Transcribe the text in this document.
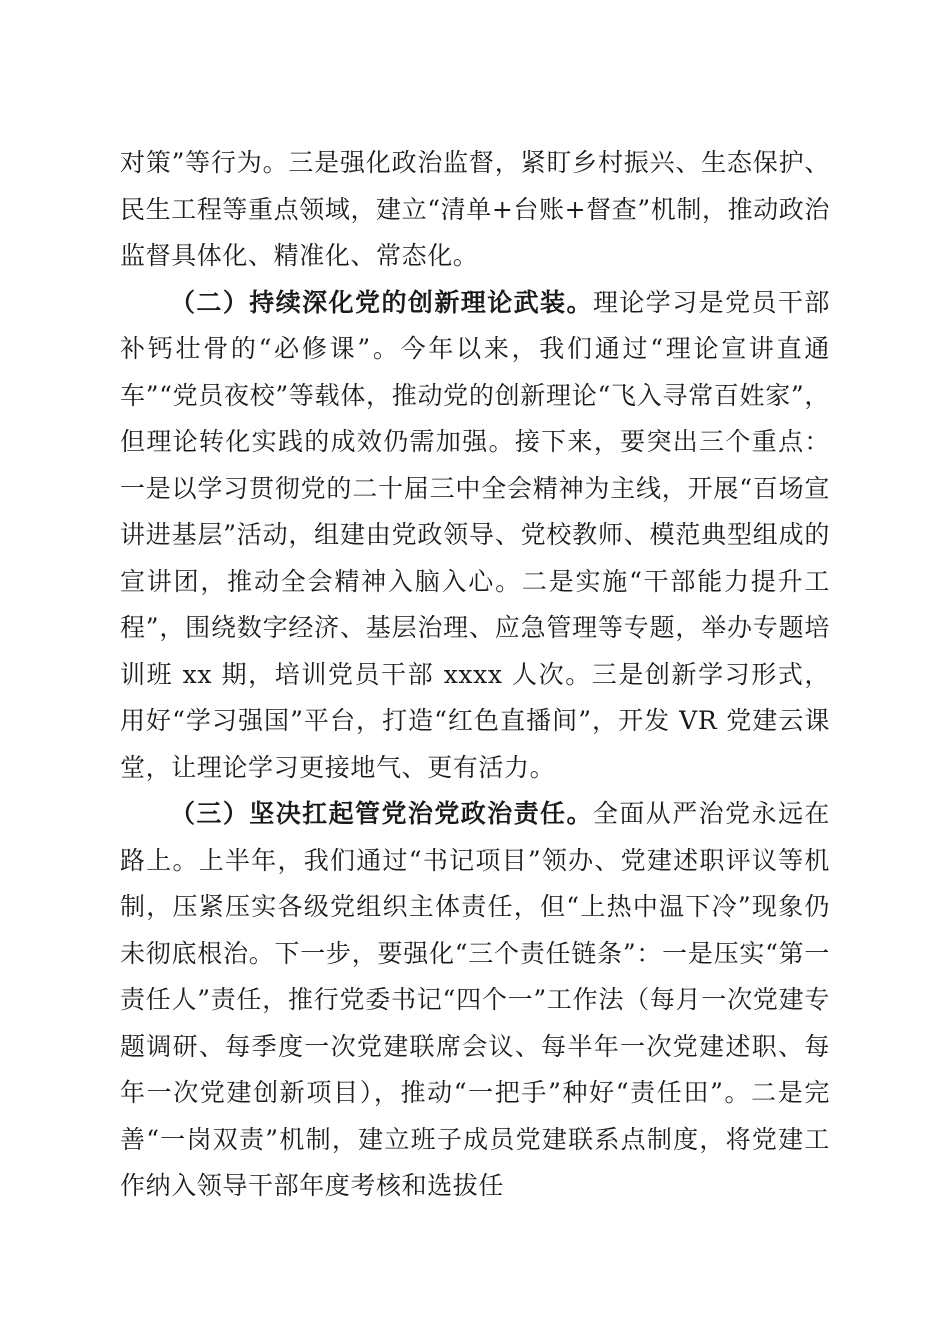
对策”等行为。三是强化政治监督，紧盯乡村振兴、生态保护、民生工程等重点领域，建立“清单+台账+督查”机制，推动政治监督具体化、精准化、常态化。

（二）持续深化党的创新理论武装。理论学习是党员干部补钙壮骨的“必修课”。今年以来，我们通过“理论宣讲直通车”“党员夜校”等载体，推动党的创新理论“飞入寻常百姓家”，但理论转化实践的成效仍需加强。接下来，要突出三个重点：一是以学习贯彻党的二十届三中全会精神为主线，开展“百场宣讲进基层”活动，组建由党政领导、党校教师、模范典型组成的宣讲团，推动全会精神入脑入心。二是实施“干部能力提升工程”，围绕数字经济、基层治理、应急管理等专题，举办专题培训班 xx 期，培训党员干部 xxxx 人次。三是创新学习形式，用好“学习强国”平台，打造“红色直播间”，开发 VR 党建云课堂，让理论学习更接地气、更有活力。

（三）坚决扛起管党治党政治责任。全面从严治党永远在路上。上半年，我们通过“书记项目”领办、党建述职评议等机制，压紧压实各级党组织主体责任，但“上热中温下冷”现象仍未彻底根治。下一步，要强化“三个责任链条”：一是压实“第一责任人”责任，推行党委书记“四个一”工作法（每月一次党建专题调研、每季度一次党建联席会议、每半年一次党建述职、每年一次党建创新项目），推动“一把手”种好“责任田”。二是完善“一岗双责”机制，建立班子成员党建联系点制度，将党建工作纳入领导干部年度考核和选拔任
